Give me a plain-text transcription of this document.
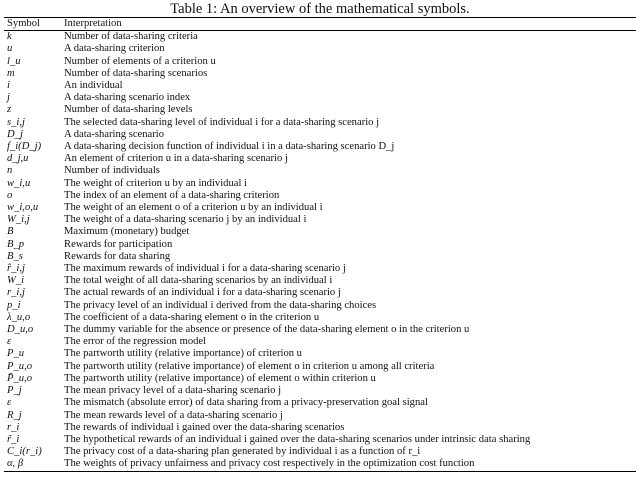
Table 1: An overview of the mathematical symbols.
Symbol	Interpretation
k	Number of data-sharing criteria
u	A data-sharing criterion
l_u	Number of elements of a criterion u
m	Number of data-sharing scenarios
i	An individual
j	A data-sharing scenario index
z	Number of data-sharing levels
s_i,j	The selected data-sharing level of individual i for a data-sharing scenario j
D_j	A data-sharing scenario
f_i(D_j)	A data-sharing decision function of individual i in a data-sharing scenario D_j
d_j,u	An element of criterion u in a data-sharing scenario j
n	Number of individuals
w_i,u	The weight of criterion u by an individual i
o	The index of an element of a data-sharing criterion
w_i,o,u	The weight of an element o of a criterion u by an individual i
W_i,j	The weight of a data-sharing scenario j by an individual i
B	Maximum (monetary) budget
B_p	Rewards for participation
B_s	Rewards for data sharing
r̂_i,j	The maximum rewards of individual i for a data-sharing scenario j
W_i	The total weight of all data-sharing scenarios by an individual i
r_i,j	The actual rewards of an individual i for a data-sharing scenario j
p_i	The privacy level of an individual i derived from the data-sharing choices
λ_u,o	The coefficient of a data-sharing element o in the criterion u
D_u,o	The dummy variable for the absence or presence of the data-sharing element o in the criterion u
ε	The error of the regression model
P_u	The partworth utility (relative importance) of criterion u
P_u,o	The partworth utility (relative importance) of element o in criterion u among all criteria
P̄_u,o	The partworth utility (relative importance) of element o within criterion u
P_j	The mean privacy level of a data-sharing scenario j
ε	The mismatch (absolute error) of data sharing from a privacy-preservation goal signal
R_j	The mean rewards level of a data-sharing scenario j
r_i	The rewards of individual i gained over the data-sharing scenarios
r̃_i	The hypothetical rewards of an individual i gained over the data-sharing scenarios under intrinsic data sharing
C_i(r_i)	The privacy cost of a data-sharing plan generated by individual i as a function of r_i
α, β	The weights of privacy unfairness and privacy cost respectively in the optimization cost function
